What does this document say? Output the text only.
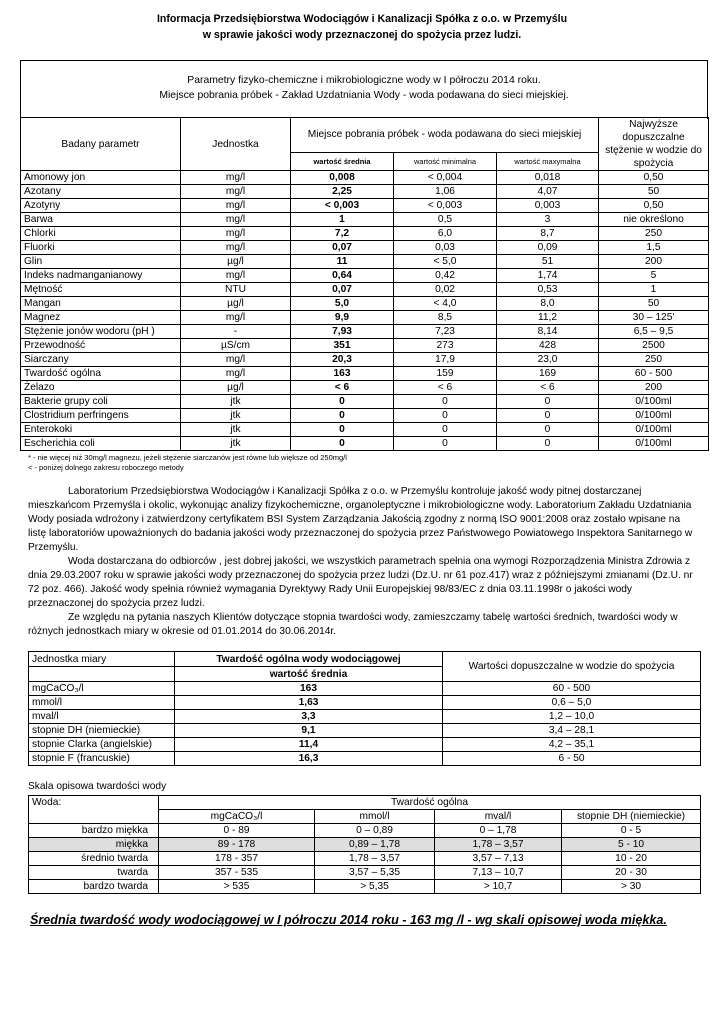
Informacja Przedsiębiorstwa Wodociągów i Kanalizacji Spółka z o.o. w Przemyślu
w sprawie jakości wody przeznaczonej do spożycia przez ludzi.
Parametry fizyko-chemiczne i mikrobiologiczne wody w I półroczu 2014 roku.
Miejsce pobrania próbek - Zakład Uzdatniania Wody - woda podawana do sieci miejskiej.
Badany parametr	Jednostka	Miejsce pobrania próbek - woda podawana do sieci miejskiej			Najwyższe dopuszczalne stężenie w wodzie do spożycia
		wartość średnia	wartość minimalna	wartość maxymalna	
Amonowy jon	mg/l	0,008	< 0,004	0,018	0,50
Azotany	mg/l	2,25	1,06	4,07	50
Azotyny	mg/l	< 0,003	< 0,003	0,003	0,50
Barwa	mg/l	1	0,5	3	nie określono
Chlorki	mg/l	7,2	6,0	8,7	250
Fluorki	mg/l	0,07	0,03	0,09	1,5
Glin	µg/l	11	< 5,0	51	200
Indeks nadmanganianowy	mg/l	0,64	0,42	1,74	5
Mętność	NTU	0,07	0,02	0,53	1
Mangan	µg/l	5,0	< 4,0	8,0	50
Magnez	mg/l	9,9	8,5	11,2	30 – 125'
Stężenie jonów wodoru (pH )	-	7,93	7,23	8,14	6,5 – 9,5
Przewodność	µS/cm	351	273	428	2500
Siarczany	mg/l	20,3	17,9	23,0	250
Twardość ogólna	mg/l	163	159	169	60 - 500
Żelazo	µg/l	< 6	< 6	< 6	200
Bakterie grupy coli	jtk	0	0	0	0/100ml
Clostridium perfringens	jtk	0	0	0	0/100ml
Enterokoki	jtk	0	0	0	0/100ml
Escherichia coli	jtk	0	0	0	0/100ml
* - nie więcej niż 30mg/l magnezu, jeżeli stężenie siarczanów jest równe lub większe od 250mg/l
< - poniżej dolnego zakresu roboczego metody
Laboratorium Przedsiębiorstwa Wodociągów i Kanalizacji Spółka z o.o. w Przemyślu kontroluje jakość wody pitnej dostarczanej mieszkańcom Przemyśla i okolic, wykonując analizy fizykochemiczne, organoleptyczne i mikrobiologiczne wody. Laboratorium Zakładu Uzdatniania Wody posiada wdrożony i zatwierdzony certyfikatem BSI System Zarządzania Jakością zgodny z normą ISO 9001:2008 oraz zostało wpisane na listę laboratoriów upoważnionych do badania jakości wody przeznaczonej do spożycia przez Państwowego Powiatowego Inspektora Sanitarnego w Przemyślu.
Woda dostarczana do odbiorców , jest dobrej jakości, we wszystkich parametrach spełnia ona wymogi Rozporządzenia Ministra Zdrowia z dnia 29.03.2007 roku w sprawie jakości wody przeznaczonej do spożycia przez ludzi (Dz.U. nr 61 poz.417) wraz z późniejszymi zmianami (Dz.U. nr 72 poz. 466). Jakość wody spełnia również wymagania Dyrektywy Rady Unii Europejskiej 98/83/EC z dnia 03.11.1998r o jakości wody przeznaczonej do spożycia przez ludzi.
Ze względu na pytania naszych Klientów dotyczące stopnia twardości wody, zamieszczamy tabelę wartości średnich, twardości wody w różnych jednostkach miary w okresie od 01.01.2014 do 30.06.2014r.
Jednostka miary	Twardość ogólna wody wodociągowej	Wartości dopuszczalne w wodzie do spożycia
	wartość średnia	
mgCaCO₃/l	163	60 - 500
mmol/l	1,63	0,6 – 5,0
mval/l	3,3	1,2 – 10,0
stopnie DH (niemieckie)	9,1	3,4 – 28,1
stopnie Clarka (angielskie)	11,4	4,2 – 35,1
stopnie F (francuskie)	16,3	6 - 50
Skala opisowa twardości wody
Woda:	Twardość ogólna			
	mgCaCO₃/l	mmol/l	mval/l	stopnie DH (niemieckie)
bardzo miękka	0 - 89	0 – 0,89	0 – 1,78	0 - 5
miękka	89 - 178	0,89 – 1,78	1,78 – 3,57	5 - 10
średnio twarda	178 - 357	1,78 – 3,57	3,57 – 7,13	10 - 20
twarda	357 - 535	3,57 – 5,35	7,13 – 10,7	20 - 30
bardzo twarda	> 535	> 5,35	> 10,7	> 30
Średnia twardość wody wodociągowej w I półroczu 2014 roku - 163 mg /l - wg skali opisowej woda miękka.
